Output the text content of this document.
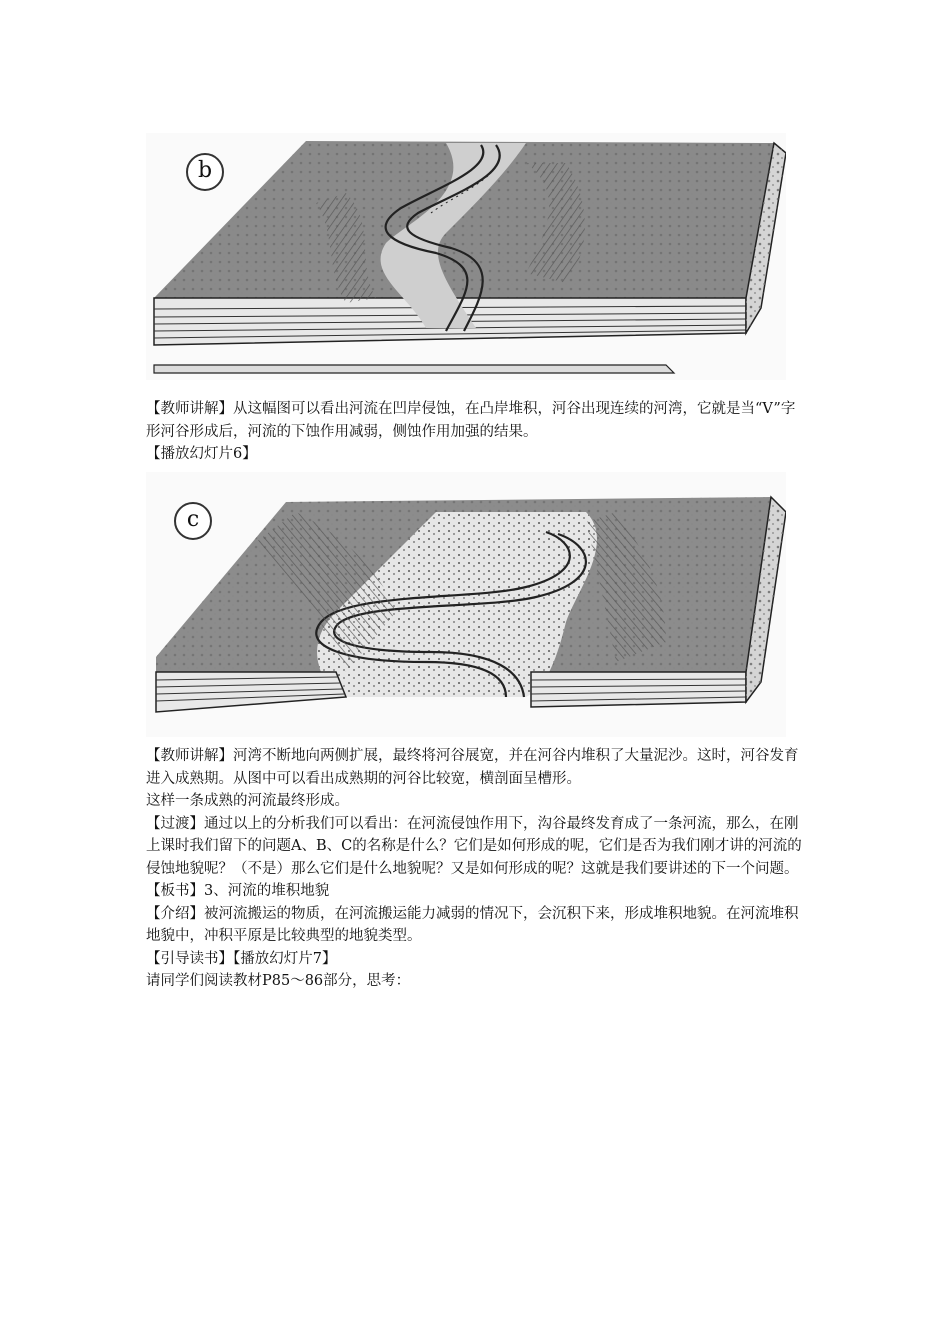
b

【教师讲解】从这幅图可以看出河流在凹岸侵蚀，在凸岸堆积，河谷出现连续的河湾，它就是当“V”字形河谷形成后，河流的下蚀作用减弱，侧蚀作用加强的结果。

【播放幻灯片6】

c

【教师讲解】河湾不断地向两侧扩展，最终将河谷展宽，并在河谷内堆积了大量泥沙。这时，河谷发育进入成熟期。从图中可以看出成熟期的河谷比较宽，横剖面呈槽形。

这样一条成熟的河流最终形成。

【过渡】通过以上的分析我们可以看出：在河流侵蚀作用下，沟谷最终发育成了一条河流，那么，在刚上课时我们留下的问题A、B、C的名称是什么？它们是如何形成的呢，它们是否为我们刚才讲的河流的侵蚀地貌呢？（不是）那么它们是什么地貌呢？又是如何形成的呢？这就是我们要讲述的下一个问题。

【板书】3、河流的堆积地貌

【介绍】被河流搬运的物质，在河流搬运能力减弱的情况下，会沉积下来，形成堆积地貌。在河流堆积地貌中，冲积平原是比较典型的地貌类型。

【引导读书】【播放幻灯片7】

请同学们阅读教材P85～86部分，思考：
